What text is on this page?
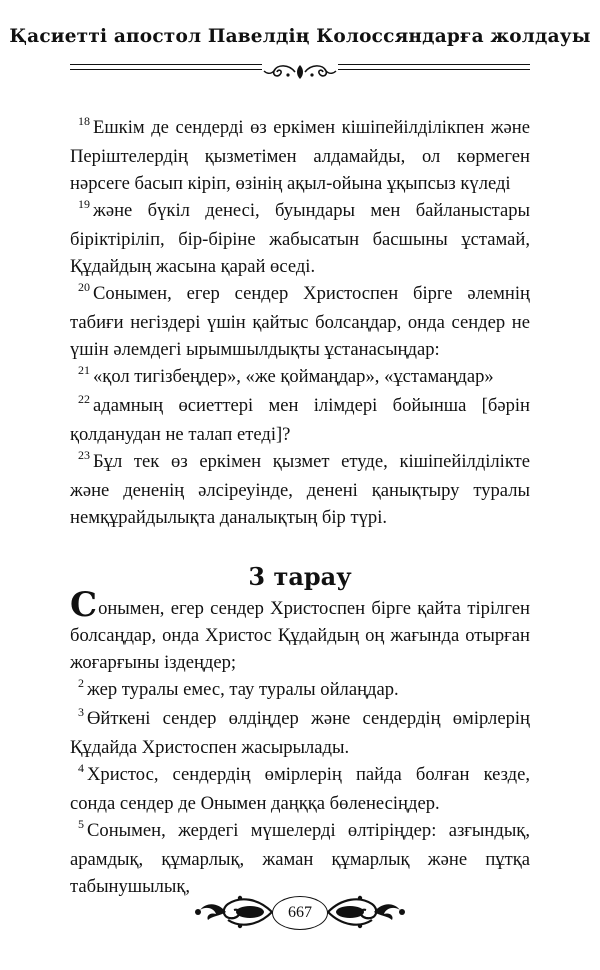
Қасиетті апостол Павелдің Колоссяндарға жолдауы

$^{18}$ Ешкім де сендерді өз еркімен кішіпейілділікпен және Періштелердің қызметімен алдамайды, ол көрмеген нәрсеге басып кіріп, өзінің ақыл-ойына ұқыпсыз күледі

$^{19}$ және бүкіл денесі, буындары мен байланыстары біріктіріліп, бір-біріне жабысатын басшыны ұстамай, Құдайдың жасына қарай өседі.

$^{20}$ Сонымен, егер сендер Христоспен бірге әлемнің табиғи негіздері үшін қайтыс болсаңдар, онда сендер не үшін әлемдегі ырымшылдықты ұстанасыңдар:

$^{21}$ «қол тигізбеңдер», «же қоймаңдар», «ұстамаңдар»

$^{22}$ адамның өсиеттері мен ілімдері бойынша [бәрін қолданудан не талап етеді]?

$^{23}$ Бұл тек өз еркімен қызмет етуде, кішіпейілділікте және дененің әлсіреуінде, денені қанықтыру туралы немқұрайдылықта даналықтың бір түрі.

3 тарау

Сонымен, егер сендер Христоспен бірге қайта тірілген болсаңдар, онда Христос Құдайдың оң жағында отырған жоғарғыны іздеңдер;

$^2$ жер туралы емес, тау туралы ойлаңдар.

$^3$ Өйткені сендер өлдіңдер және сендердің өмірлерің Құдайда Христоспен жасырылады.

$^4$ Христос, сендердің өмірлерің пайда болған кезде, сонда сендер де Онымен даңққа бөленесіңдер.

$^5$ Сонымен, жердегі мүшелерді өлтіріңдер: азғындық, арамдық, құмарлық, жаман құмарлық және пұтқа табынушылық,

667
